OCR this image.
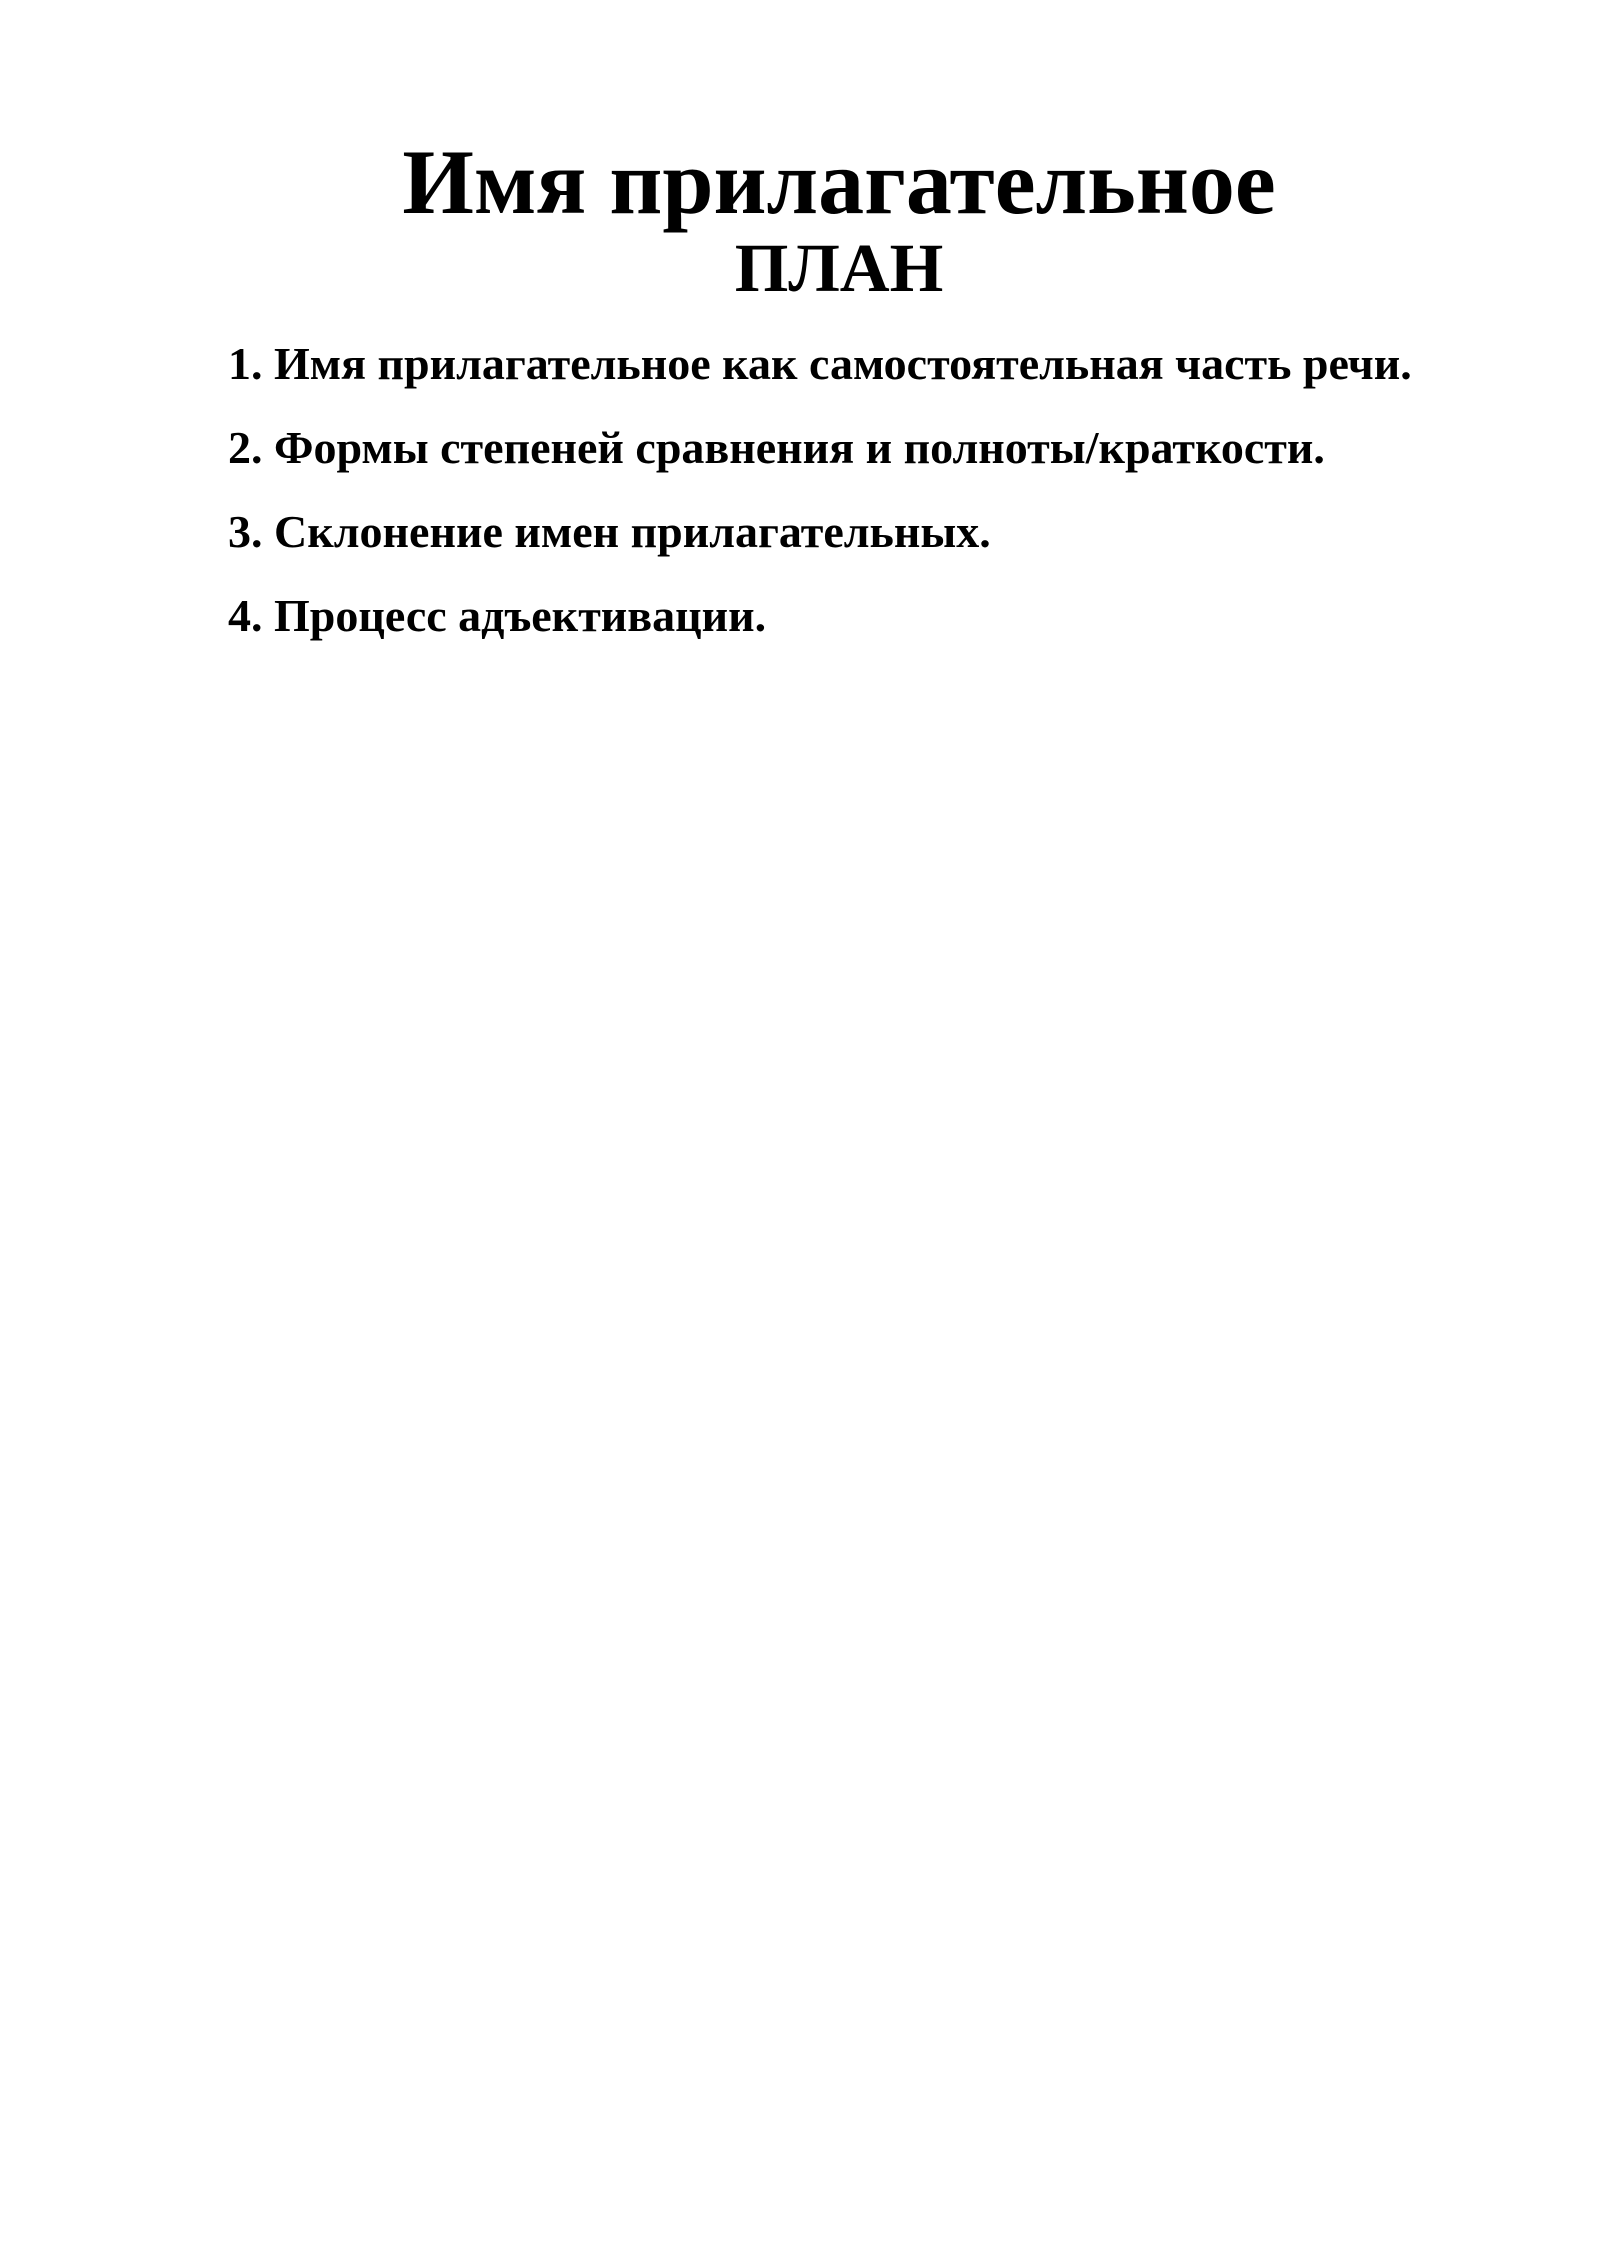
Имя прилагательное
ПЛАН
1. Имя прилагательное как самостоятельная часть речи.
2. Формы степеней сравнения и полноты/краткости.
3. Склонение имен прилагательных.
4. Процесс адъективации.
